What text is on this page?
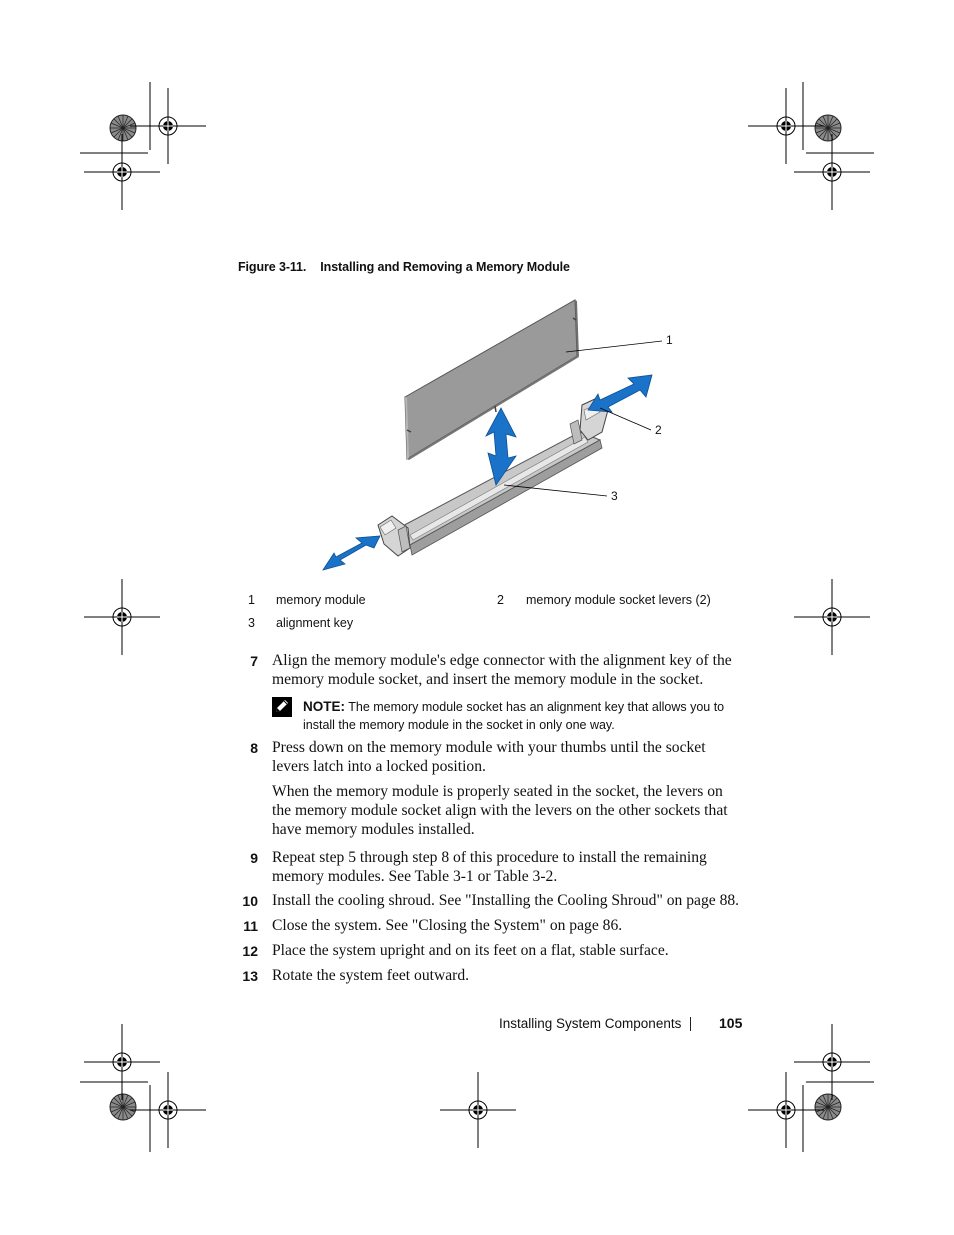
Figure 3-11. Installing and Removing a Memory Module
1
2
3
1 memory module	2 memory module socket levers (2)
3 alignment key
7 Align the memory module's edge connector with the alignment key of the
memory module socket, and insert the memory module in the socket.
NOTE: The memory module socket has an alignment key that allows you to
install the memory module in the socket in only one way.
8 Press down on the memory module with your thumbs until the socket
levers latch into a locked position.
When the memory module is properly seated in the socket, the levers on
the memory module socket align with the levers on the other sockets that
have memory modules installed.
9 Repeat step 5 through step 8 of this procedure to install the remaining
memory modules. See Table 3-1 or Table 3-2.
10 Install the cooling shroud. See "Installing the Cooling Shroud" on page 88.
11 Close the system. See "Closing the System" on page 86.
12 Place the system upright and on its feet on a flat, stable surface.
13 Rotate the system feet outward.
Installing System Components	105
